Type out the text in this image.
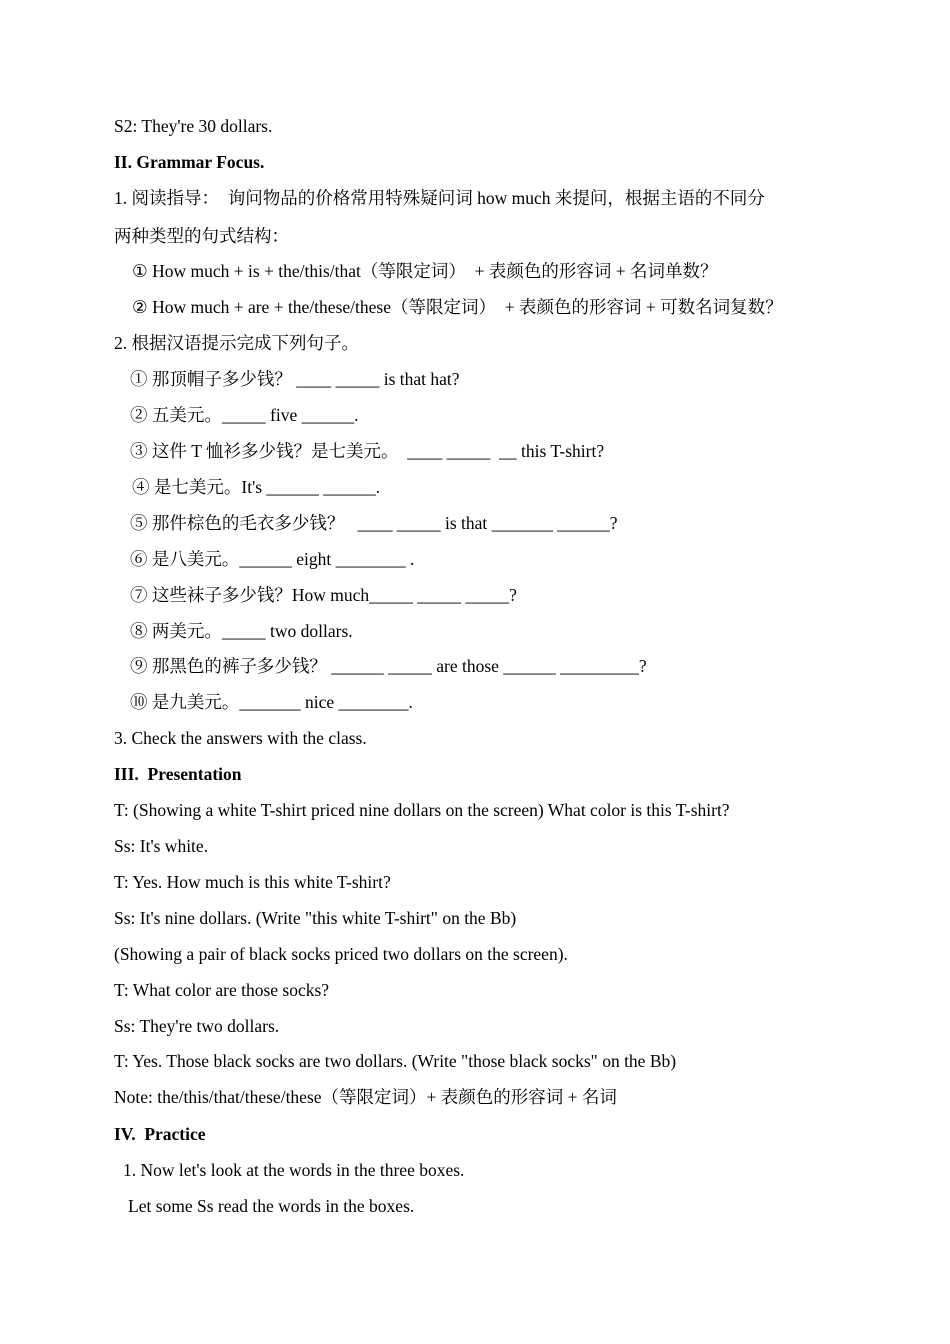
S2: They're 30 dollars.
II. Grammar Focus.
1. 阅读指导：  询问物品的价格常用特殊疑问词 how much 来提问，根据主语的不同分
两种类型的句式结构：
① How much + is + the/this/that（等限定词）  + 表颜色的形容词 + 名词单数？
② How much + are + the/these/these（等限定词）  + 表颜色的形容词 + 可数名词复数？
2. 根据汉语提示完成下列句子。
① 那顶帽子多少钱？ ____ _____ is that hat?
② 五美元。_____ five ______.
③ 这件 T 恤衫多少钱？是七美元。  ____ _____  __ this T-shirt?
④ 是七美元。It's ______ ______.
⑤ 那件棕色的毛衣多少钱？   ____ _____ is that _______ ______?
⑥ 是八美元。______ eight ________ .
⑦ 这些袜子多少钱？How much_____ _____ _____?
⑧ 两美元。_____ two dollars.
⑨ 那黑色的裤子多少钱？ ______ _____ are those ______ _________?
⑩ 是九美元。_______ nice ________.
3. Check the answers with the class.
III.  Presentation
T: (Showing a white T-shirt priced nine dollars on the screen) What color is this T-shirt?
Ss: It's white.
T: Yes. How much is this white T-shirt?
Ss: It's nine dollars. (Write "this white T-shirt" on the Bb)
(Showing a pair of black socks priced two dollars on the screen).
T: What color are those socks?
Ss: They're two dollars.
T: Yes. Those black socks are two dollars. (Write "those black socks" on the Bb)
Note: the/this/that/these/these（等限定词）+ 表颜色的形容词 + 名词
IV.  Practice
1. Now let's look at the words in the three boxes.
Let some Ss read the words in the boxes.
